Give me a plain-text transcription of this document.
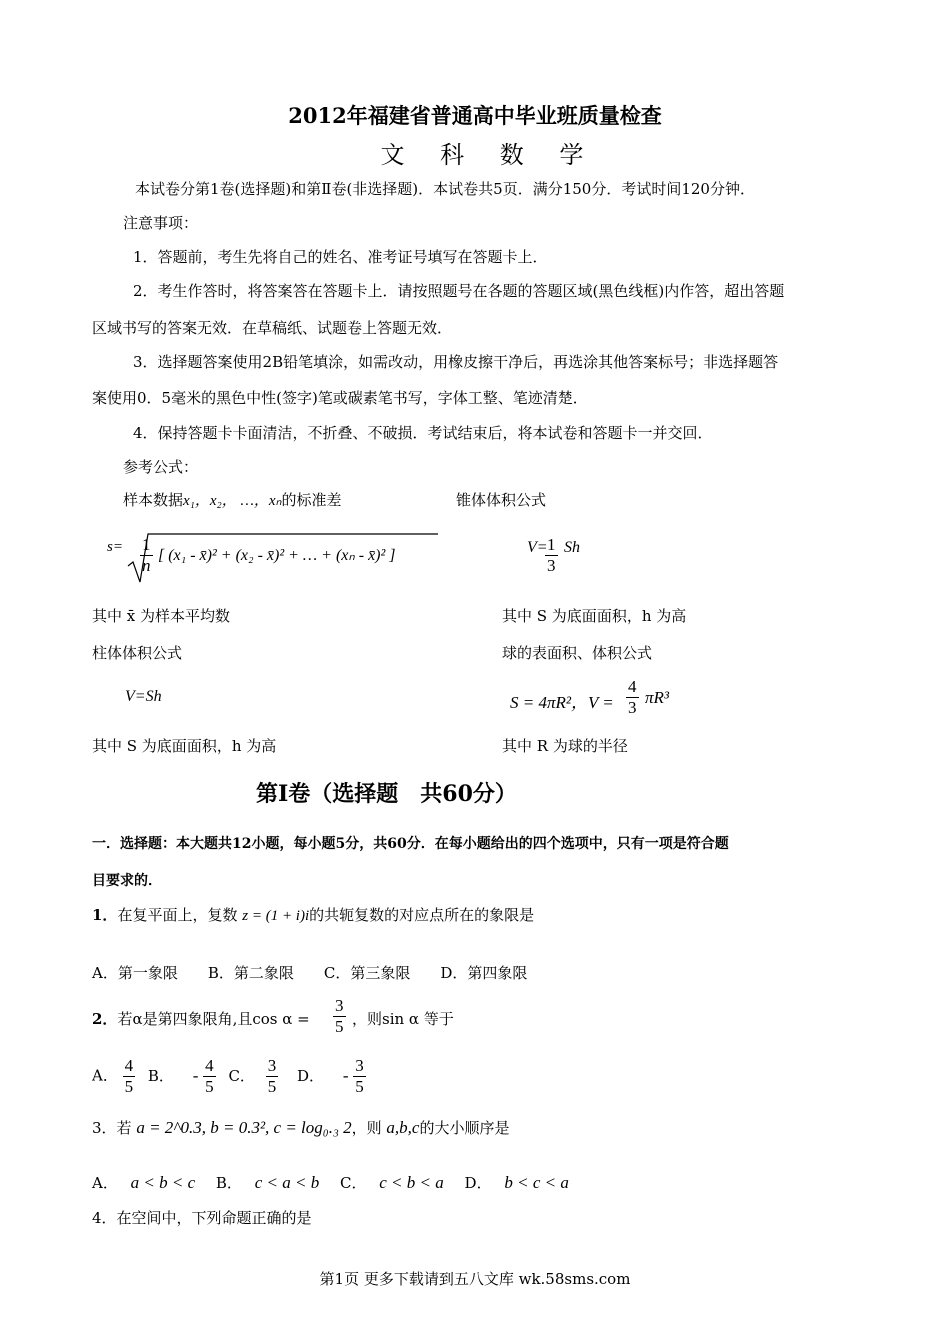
2012年福建省普通高中毕业班质量检查
文 科 数 学
本试卷分第1卷(选择题)和第Ⅱ卷(非选择题)．本试卷共5页．满分150分．考试时间120分钟．
注意事项：
1．答题前，考生先将自己的姓名、准考证号填写在答题卡上．
2．考生作答时，将答案答在答题卡上．请按照题号在各题的答题区域(黑色线框)内作答，超出答题
区域书写的答案无效．在草稿纸、试题卷上答题无效．
3．选择题答案使用2B铅笔填涂，如需改动，用橡皮擦干净后，再选涂其他答案标号；非选择题答
案使用0．5毫米的黑色中性(签字)笔或碳素笔书写，字体工整、笔迹清楚．
4．保持答题卡卡面清洁，不折叠、不破损．考试结束后，将本试卷和答题卡一并交回．
参考公式：
样本数据x₁，x₂， …，xₙ的标准差	锥体体积公式
$s= \frac{1}{n}$ [ (x₁ - x̄)² + (x₂ - x̄)² + … + (xₙ - x̄)² ]	V=
$\frac{1}{3}$ Sh
其中 x̄ 为样本平均数	其中 S 为底面面积，h 为高
柱体体积公式	球的表面积、体积公式
V=Sh	S = 4πR²，$V = \frac{4}{3} \pi R^3$
其中 S 为底面面积，h 为高	其中 R 为球的半径
第Ⅰ卷（选择题　共60分）
一．选择题：本大题共12小题，每小题5分，共60分．在每小题给出的四个选项中，只有一项是符合题
目要求的．
1．在复平面上，复数 z = (1 + i)i的共轭复数的对应点所在的象限是
A．第一象限　　B．第二象限　　C．第三象限　　D．第四象限
2．若α是第四象限角,且$\cos \alpha = \frac{3}{5}$ ，则sin α 等于
A． $\frac{4}{5}$ B． - $\frac{4}{5}$ C． $\frac{3}{5}$ D． - $\frac{3}{5}$
3．若 a = 2^0.3, b = 0.3², c = log₀.₃ 2，则 a,b,c的大小顺序是
A． a < b < c B． c < a < b C． c < b < a D． b < c < a
4．在空间中，下列命题正确的是
第1页 更多下载请到五八文库 wk.58sms.com
